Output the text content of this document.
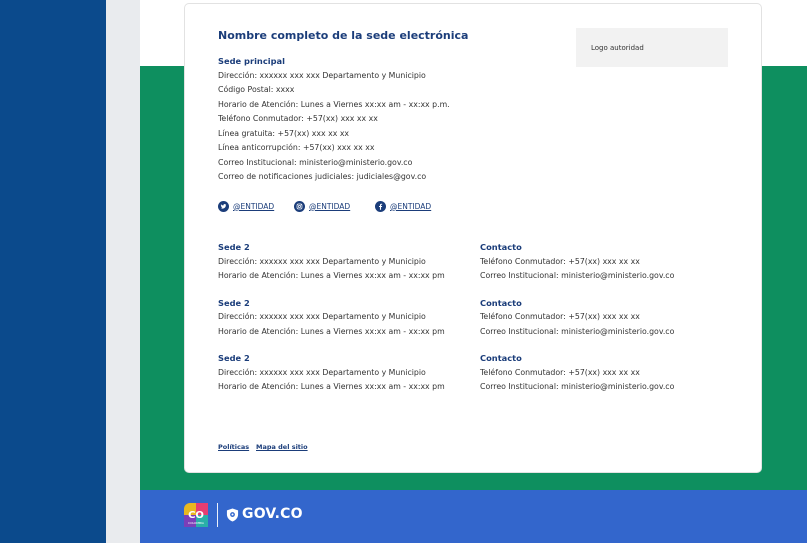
Nombre completo de la sede electrónica
Logo autoridad
Sede principal
Dirección: xxxxxx xxx xxx Departamento y Municipio
Código Postal: xxxx
Horario de Atención: Lunes a Viernes xx:xx am - xx:xx p.m.
Teléfono Conmutador: +57(xx) xxx xx xx
Línea gratuita: +57(xx) xxx xx xx
Línea anticorrupción: +57(xx) xxx xx xx
Correo Institucional: ministerio@ministerio.gov.co
Correo de notificaciones judiciales: judiciales@gov.co
@ENTIDAD	@ENTIDAD	@ENTIDAD
Sede 2
Dirección: xxxxxx xxx xxx Departamento y Municipio
Horario de Atención: Lunes a Viernes xx:xx am - xx:xx pm
Contacto
Teléfono Conmutador: +57(xx) xxx xx xx
Correo Institucional: ministerio@ministerio.gov.co
Sede 2
Dirección: xxxxxx xxx xxx Departamento y Municipio
Horario de Atención: Lunes a Viernes xx:xx am - xx:xx pm
Contacto
Teléfono Conmutador: +57(xx) xxx xx xx
Correo Institucional: ministerio@ministerio.gov.co
Sede 2
Dirección: xxxxxx xxx xxx Departamento y Municipio
Horario de Atención: Lunes a Viernes xx:xx am - xx:xx pm
Contacto
Teléfono Conmutador: +57(xx) xxx xx xx
Correo Institucional: ministerio@ministerio.gov.co
Políticas Mapa del sitio
CO
COLOMBIA
GOV.CO
